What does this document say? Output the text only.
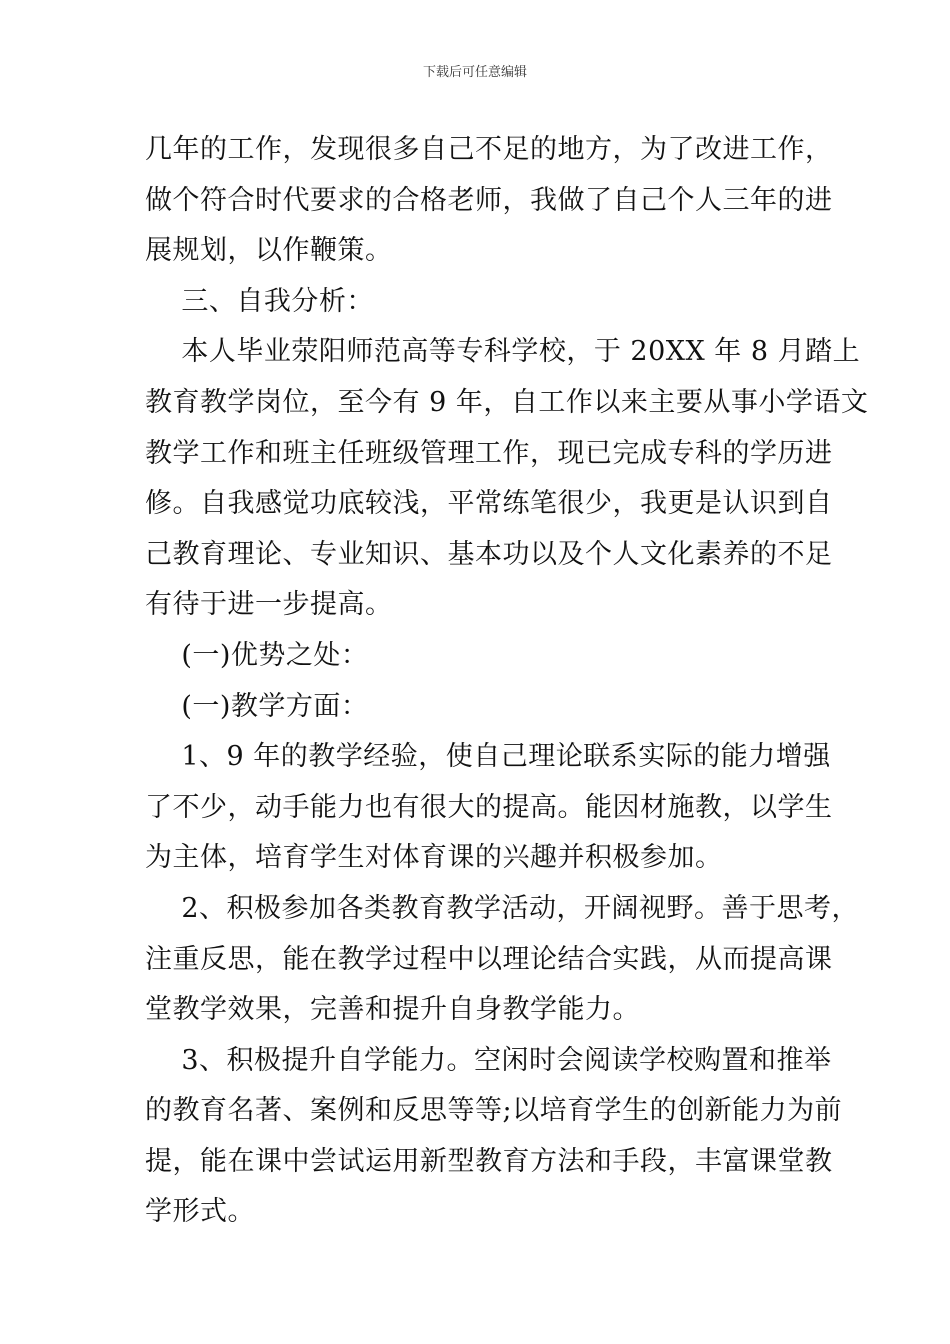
下载后可任意编辑
几年的工作，发现很多自己不足的地方，为了改进工作，
做个符合时代要求的合格老师，我做了自己个人三年的进
展规划，以作鞭策。
三、自我分析：
本人毕业荥阳师范高等专科学校，于 20XX 年 8 月踏上
教育教学岗位，至今有 9 年，自工作以来主要从事小学语文
教学工作和班主任班级管理工作，现已完成专科的学历进
修。自我感觉功底较浅，平常练笔很少，我更是认识到自
己教育理论、专业知识、基本功以及个人文化素养的不足
有待于进一步提高。
(一)优势之处：
(一)教学方面：
1、9 年的教学经验，使自己理论联系实际的能力增强
了不少，动手能力也有很大的提高。能因材施教，以学生
为主体，培育学生对体育课的兴趣并积极参加。
2、积极参加各类教育教学活动，开阔视野。善于思考，
注重反思，能在教学过程中以理论结合实践，从而提高课
堂教学效果，完善和提升自身教学能力。
3、积极提升自学能力。空闲时会阅读学校购置和推举
的教育名著、案例和反思等等;以培育学生的创新能力为前
提，能在课中尝试运用新型教育方法和手段，丰富课堂教
学形式。
